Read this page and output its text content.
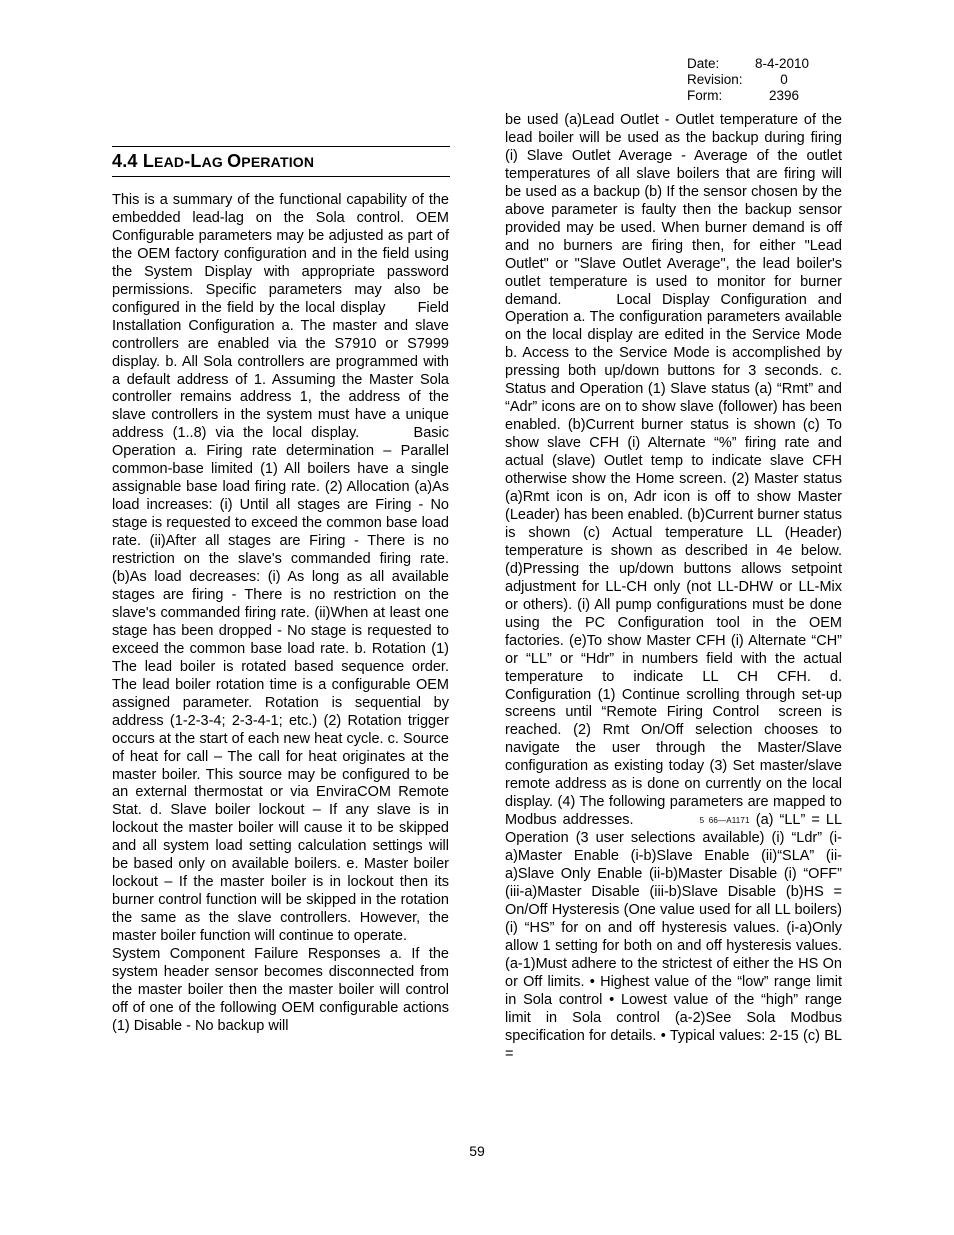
Date:	8-4-2010
Revision:	0
Form:	2396
4.4 LEAD-LAG OPERATION

This is a summary of the functional capability of the embedded lead-lag on the Sola control. OEM Configurable parameters may be adjusted as part of the OEM factory configuration and in the field using the System Display with appropriate password permissions. Specific parameters may also be configured in the field by the local display      Field Installation Configuration a. The master and slave controllers are enabled via the S7910 or S7999 display. b. All Sola controllers are programmed with a default address of 1. Assuming the Master Sola controller remains address 1, the address of the slave controllers in the system must have a unique address (1..8) via the local display.      Basic Operation a. Firing rate determination – Parallel common-base limited (1) All boilers have a single assignable base load firing rate. (2) Allocation (a)As load increases: (i) Until all stages are Firing - No stage is requested to exceed the common base load rate. (ii)After all stages are Firing - There is no restriction on the slave's commanded firing rate. (b)As load decreases: (i) As long as all available stages are firing - There is no restriction on the slave's commanded firing rate. (ii)When at least one stage has been dropped - No stage is requested to exceed the common base load rate. b. Rotation (1) The lead boiler is rotated based sequence order. The lead boiler rotation time is a configurable OEM assigned parameter. Rotation is sequential by address (1-2-3-4; 2-3-4-1; etc.) (2) Rotation trigger occurs at the start of each new heat cycle. c. Source of heat for call – The call for heat originates at the master boiler. This source may be configured to be an external thermostat or via EnviraCOM Remote Stat. d. Slave boiler lockout – If any slave is in lockout the master boiler will cause it to be skipped and all system load setting calculation settings will be based only on available boilers. e. Master boiler lockout – If the master boiler is in lockout then its burner control function will be skipped in the rotation the same as the slave controllers. However, the master boiler function will continue to operate.

System Component Failure Responses a. If the system header sensor becomes disconnected from the master boiler then the master boiler will control off of one of the following OEM configurable actions (1) Disable - No backup will

be used (a)Lead Outlet - Outlet temperature of the lead boiler will be used as the backup during firing (i) Slave Outlet Average - Average of the outlet temperatures of all slave boilers that are firing will be used as a backup (b) If the sensor chosen by the above parameter is faulty then the backup sensor provided may be used. When burner demand is off and no burners are firing then, for either "Lead Outlet" or "Slave Outlet Average", the lead boiler's outlet temperature is used to monitor for burner demand.     Local Display Configuration and Operation a. The configuration parameters available on the local display are edited in the Service Mode b. Access to the Service Mode is accomplished by pressing both up/down buttons for 3 seconds. c. Status and Operation (1) Slave status (a) “Rmt” and “Adr” icons are on to show slave (follower) has been enabled. (b)Current burner status is shown (c) To show slave CFH (i) Alternate “%” firing rate and actual (slave) Outlet temp to indicate slave CFH otherwise show the Home screen. (2) Master status (a)Rmt icon is on, Adr icon is off to show Master (Leader) has been enabled. (b)Current burner status is shown (c) Actual temperature LL (Header) temperature is shown as described in 4e below. (d)Pressing the up/down buttons allows setpoint adjustment for LL-CH only (not LL-DHW or LL-Mix or others). (i) All pump configurations must be done using the PC Configuration tool in the OEM factories. (e)To show Master CFH (i) Alternate “CH” or “LL” or “Hdr” in numbers field with the actual temperature to indicate LL CH CFH. d. Configuration (1) Continue scrolling through set-up screens until “Remote Firing Control  screen is reached. (2) Rmt On/Off selection chooses to navigate the user through the Master/Slave configuration as existing today (3) Set master/slave remote address as is done on currently on the local display. (4) The following parameters are mapped to Modbus addresses.	5 66—A1171 (a) “LL” = LL Operation (3 user selections available) (i) “Ldr” (i-a)Master Enable (i-b)Slave Enable (ii)“SLA” (ii-a)Slave Only Enable (ii-b)Master Disable (i) “OFF” (iii-a)Master Disable (iii-b)Slave Disable (b)HS = On/Off Hysteresis (One value used for all LL boilers) (i) “HS” for on and off hysteresis values. (i-a)Only allow 1 setting for both on and off hysteresis values. (a-1)Must adhere to the strictest of either the HS On or Off limits. • Highest value of the “low” range limit in Sola control • Lowest value of the “high” range limit in Sola control (a-2)See Sola Modbus specification for details. • Typical values: 2-15 (c) BL =

59
